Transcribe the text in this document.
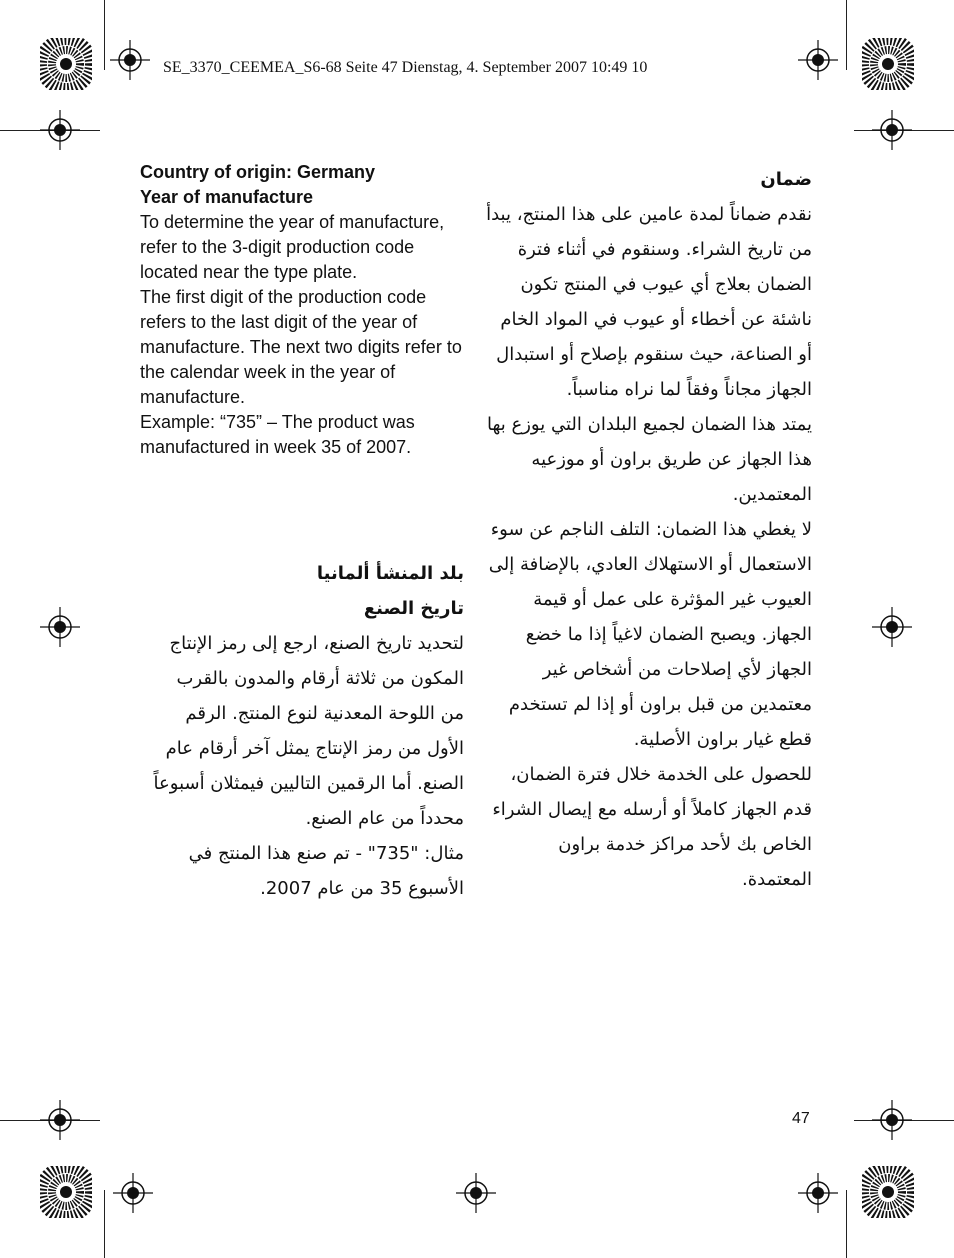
SE_3370_CEEMEA_S6-68 Seite 47 Dienstag, 4. September 2007 10:49 10

Country of origin: Germany

Year of manufacture

To determine the year of manufacture, refer to the 3-digit production code located near the type plate.

The first digit of the production code refers to the last digit of the year of manufacture. The next two digits refer to the calendar week in the year of manufacture.

Example: “735” – The product was manufactured in week 35 of 2007.

ضمان

نقدم ضماناً لمدة عامين على هذا المنتج، يبدأ من تاريخ الشراء. وسنقوم في أثناء فترة الضمان بعلاج أي عيوب في المنتج تكون ناشئة عن أخطاء أو عيوب في المواد الخام أو الصناعة، حيث سنقوم بإصلاح أو استبدال الجهاز مجاناً وفقاً لما نراه مناسباً.

يمتد هذا الضمان لجميع البلدان التي يوزع بها هذا الجهاز عن طريق براون أو موزعيه المعتمدين.

لا يغطي هذا الضمان: التلف الناجم عن سوء الاستعمال أو الاستهلاك العادي، بالإضافة إلى العيوب غير المؤثرة على عمل أو قيمة الجهاز. ويصبح الضمان لاغياً إذا ما خضع الجهاز لأي إصلاحات من أشخاص غير معتمدين من قبل براون أو إذا لم تستخدم قطع غيار براون الأصلية.

للحصول على الخدمة خلال فترة الضمان، قدم الجهاز كاملاً أو أرسله مع إيصال الشراء الخاص بك لأحد مراكز خدمة براون المعتمدة.

بلد المنشأ ألمانيا

تاريخ الصنع

لتحديد تاريخ الصنع، ارجع إلى رمز الإنتاج المكون من ثلاثة أرقام والمدون بالقرب من اللوحة المعدنية لنوع المنتج. الرقم الأول من رمز الإنتاج يمثل آخر أرقام عام الصنع. أما الرقمين التاليين فيمثلان أسبوعاً محدداً من عام الصنع.

مثال: "735" - تم صنع هذا المنتج في الأسبوع 35 من عام 2007.

47
